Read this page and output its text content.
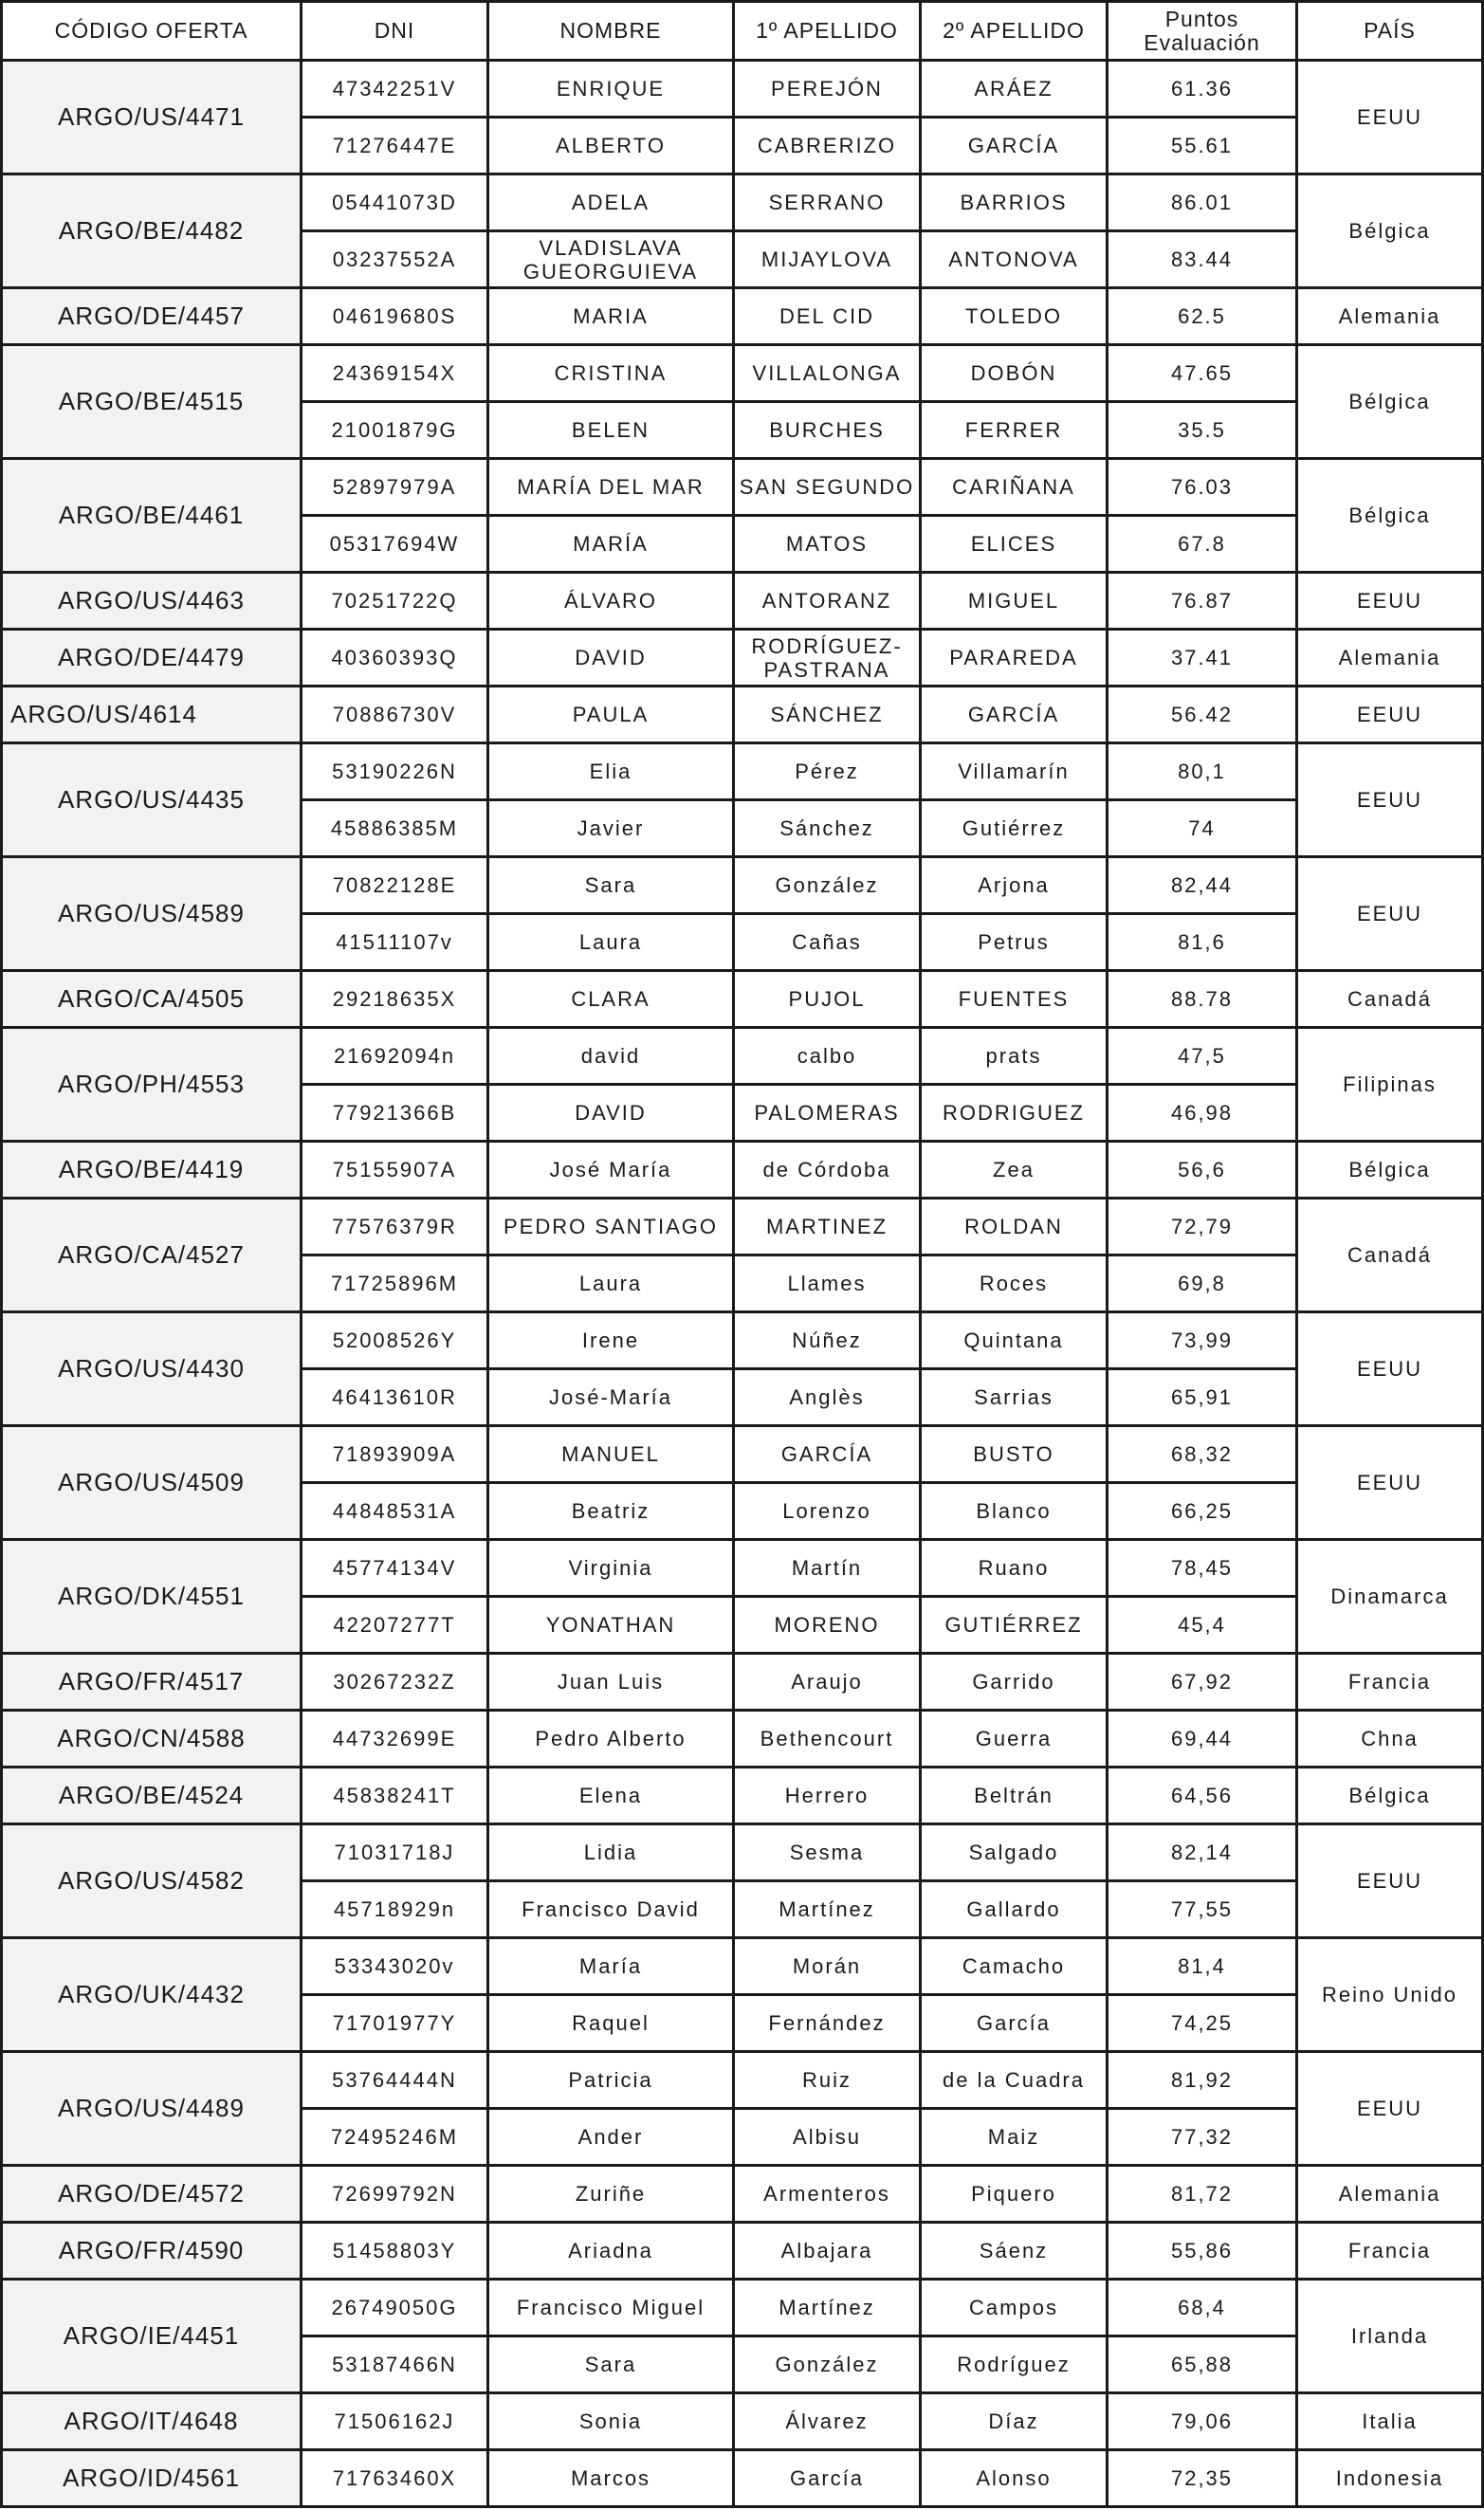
CÓDIGO OFERTA	DNI	NOMBRE	1º APELLIDO	2º APELLIDO	Puntos Evaluación	PAÍS
ARGO/US/4471	47342251V	ENRIQUE	PEREJÓN	ARÁEZ	61.36	EEUU
	71276447E	ALBERTO	CABRERIZO	GARCÍA	55.61	
ARGO/BE/4482	05441073D	ADELA	SERRANO	BARRIOS	86.01	Bélgica
	03237552A	VLADISLAVA GUEORGUIEVA	MIJAYLOVA	ANTONOVA	83.44	
ARGO/DE/4457	04619680S	MARIA	DEL CID	TOLEDO	62.5	Alemania
ARGO/BE/4515	24369154X	CRISTINA	VILLALONGA	DOBÓN	47.65	Bélgica
	21001879G	BELEN	BURCHES	FERRER	35.5	
ARGO/BE/4461	52897979A	MARÍA DEL MAR	SAN SEGUNDO	CARIÑANA	76.03	Bélgica
	05317694W	MARÍA	MATOS	ELICES	67.8	
ARGO/US/4463	70251722Q	ÁLVARO	ANTORANZ	MIGUEL	76.87	EEUU
ARGO/DE/4479	40360393Q	DAVID	RODRÍGUEZ-PASTRANA	PARAREDA	37.41	Alemania
ARGO/US/4614	70886730V	PAULA	SÁNCHEZ	GARCÍA	56.42	EEUU
ARGO/US/4435	53190226N	Elia	Pérez	Villamarín	80,1	EEUU
	45886385M	Javier	Sánchez	Gutiérrez	74	
ARGO/US/4589	70822128E	Sara	González	Arjona	82,44	EEUU
	41511107v	Laura	Cañas	Petrus	81,6	
ARGO/CA/4505	29218635X	CLARA	PUJOL	FUENTES	88.78	Canadá
ARGO/PH/4553	21692094n	david	calbo	prats	47,5	Filipinas
	77921366B	DAVID	PALOMERAS	RODRIGUEZ	46,98	
ARGO/BE/4419	75155907A	José María	de Córdoba	Zea	56,6	Bélgica
ARGO/CA/4527	77576379R	PEDRO SANTIAGO	MARTINEZ	ROLDAN	72,79	Canadá
	71725896M	Laura	Llames	Roces	69,8	
ARGO/US/4430	52008526Y	Irene	Núñez	Quintana	73,99	EEUU
	46413610R	José-María	Anglès	Sarrias	65,91	
ARGO/US/4509	71893909A	MANUEL	GARCÍA	BUSTO	68,32	EEUU
	44848531A	Beatriz	Lorenzo	Blanco	66,25	
ARGO/DK/4551	45774134V	Virginia	Martín	Ruano	78,45	Dinamarca
	42207277T	YONATHAN	MORENO	GUTIÉRREZ	45,4	
ARGO/FR/4517	30267232Z	Juan Luis	Araujo	Garrido	67,92	Francia
ARGO/CN/4588	44732699E	Pedro Alberto	Bethencourt	Guerra	69,44	Chna
ARGO/BE/4524	45838241T	Elena	Herrero	Beltrán	64,56	Bélgica
ARGO/US/4582	71031718J	Lidia	Sesma	Salgado	82,14	EEUU
	45718929n	Francisco David	Martínez	Gallardo	77,55	
ARGO/UK/4432	53343020v	María	Morán	Camacho	81,4	Reino Unido
	71701977Y	Raquel	Fernández	García	74,25	
ARGO/US/4489	53764444N	Patricia	Ruiz	de la Cuadra	81,92	EEUU
	72495246M	Ander	Albisu	Maiz	77,32	
ARGO/DE/4572	72699792N	Zuriñe	Armenteros	Piquero	81,72	Alemania
ARGO/FR/4590	51458803Y	Ariadna	Albajara	Sáenz	55,86	Francia
ARGO/IE/4451	26749050G	Francisco Miguel	Martínez	Campos	68,4	Irlanda
	53187466N	Sara	González	Rodríguez	65,88	
ARGO/IT/4648	71506162J	Sonia	Álvarez	Díaz	79,06	Italia
ARGO/ID/4561	71763460X	Marcos	García	Alonso	72,35	Indonesia
